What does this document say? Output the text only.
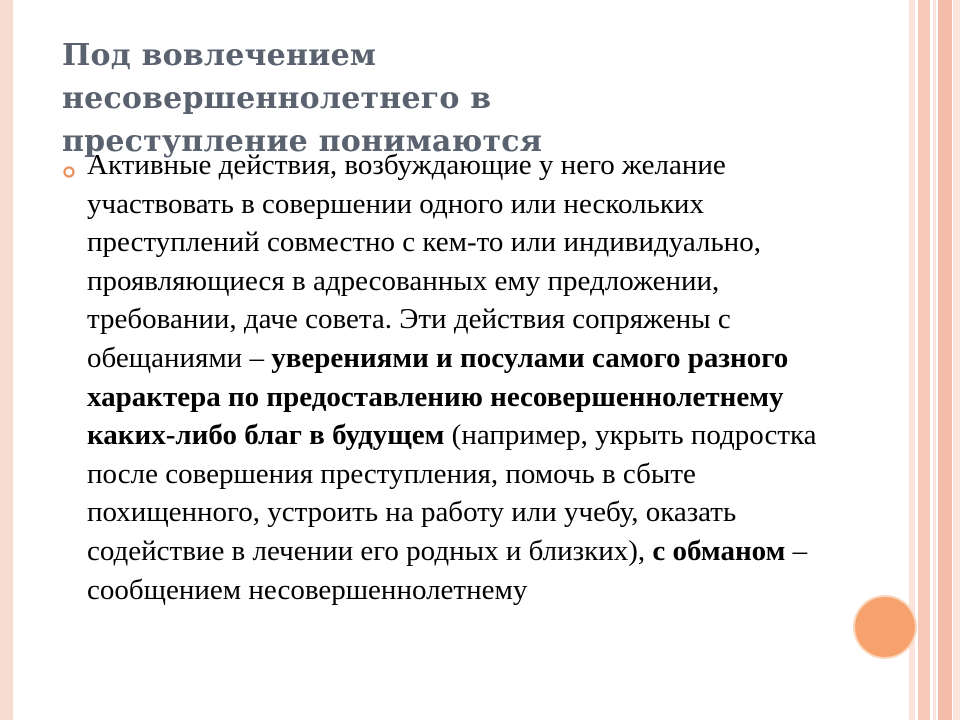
Под вовлечением несовершеннолетнего в преступление понимаются

Активные действия, возбуждающие у него желание участвовать в совершении одного или нескольких преступлений совместно с кем-то или индивидуально, проявляющиеся в адресованных ему предложении, требовании, даче совета. Эти действия сопряжены с обещаниями – уверениями и посулами самого разного характера по предоставлению несовершеннолетнему каких-либо благ в будущем (например, укрыть подростка после совершения преступления, помочь в сбыте похищенного, устроить на работу или учебу, оказать содействие в лечении его родных и близких), с обманом – сообщением несовершеннолетнему
